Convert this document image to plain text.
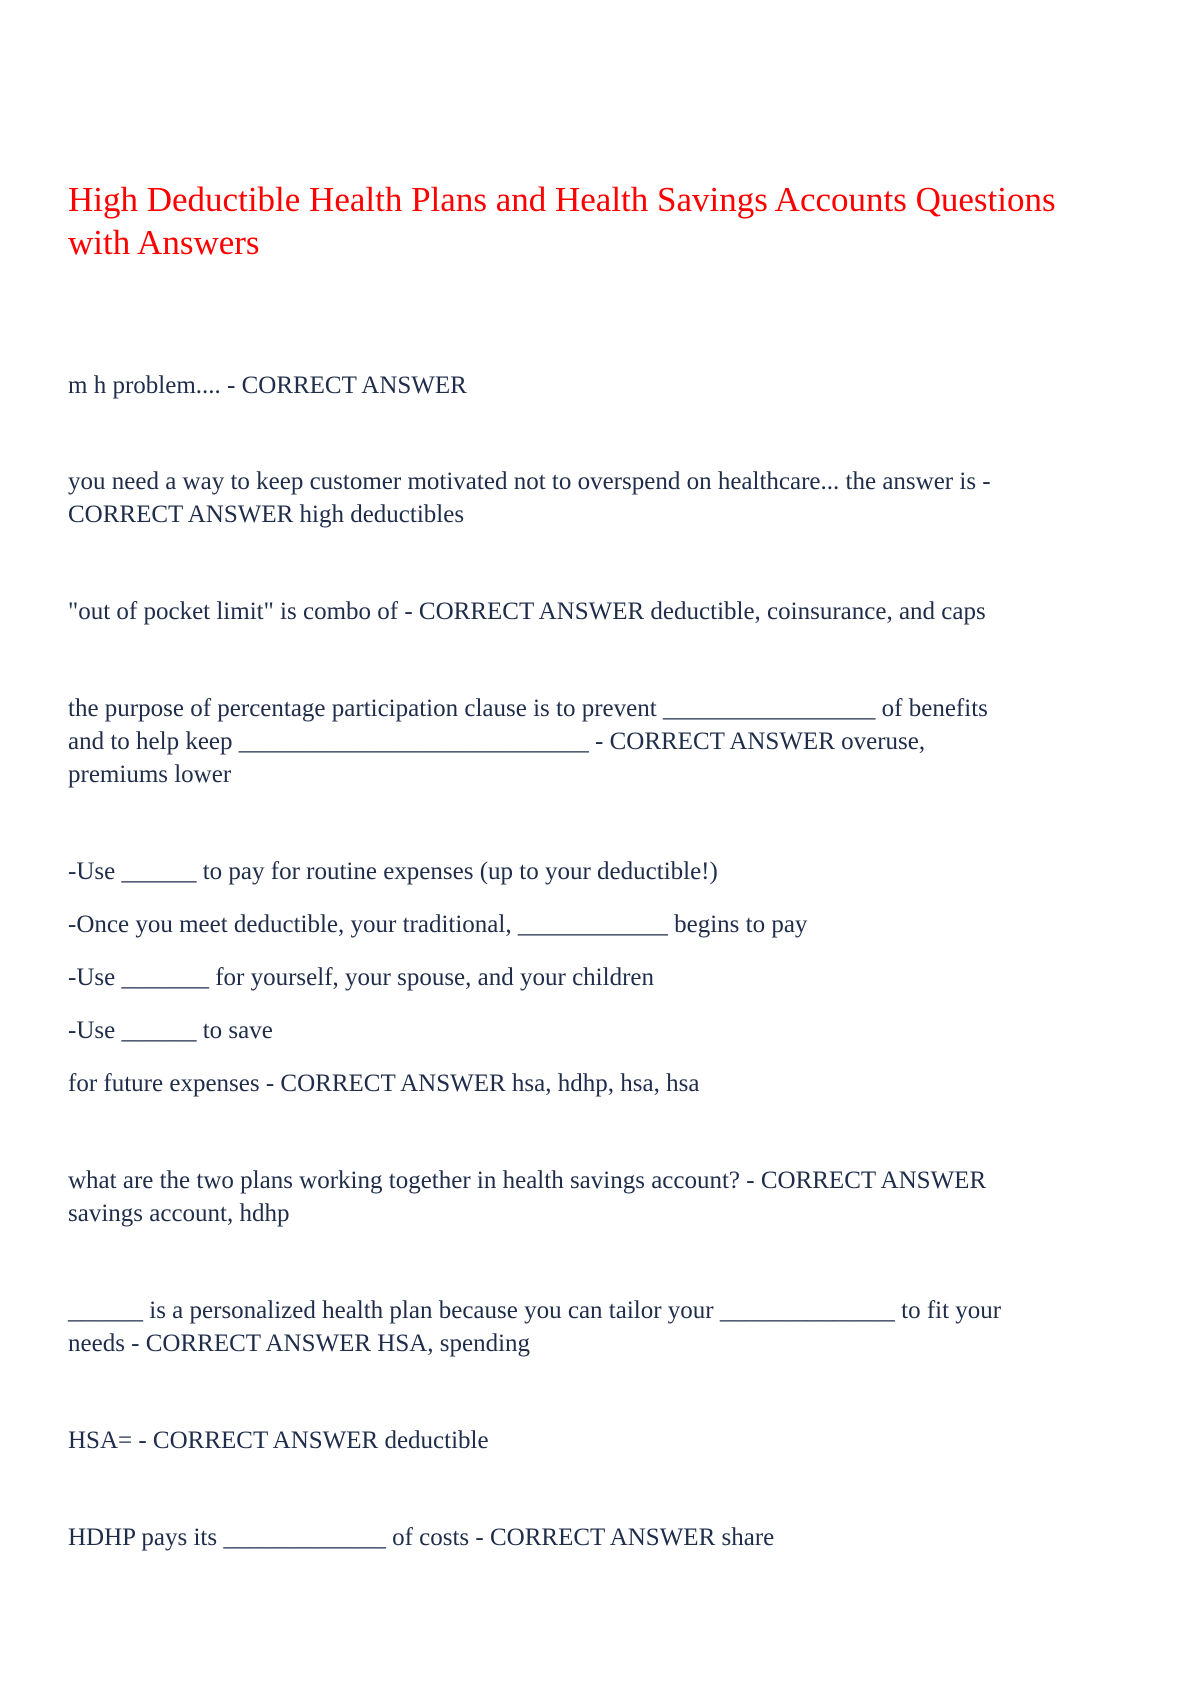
High Deductible Health Plans and Health Savings Accounts Questions
with Answers

m h problem.... - CORRECT ANSWER

you need a way to keep customer motivated not to overspend on healthcare... the answer is -

CORRECT ANSWER high deductibles

"out of pocket limit" is combo of - CORRECT ANSWER deductible, coinsurance, and caps

the purpose of percentage participation clause is to prevent _________________ of benefits

and to help keep ____________________________ - CORRECT ANSWER overuse,

premiums lower

-Use ______ to pay for routine expenses (up to your deductible!)

-Once you meet deductible, your traditional, ____________ begins to pay

-Use _______ for yourself, your spouse, and your children

-Use ______ to save

for future expenses - CORRECT ANSWER hsa, hdhp, hsa, hsa

what are the two plans working together in health savings account? - CORRECT ANSWER

savings account, hdhp

______ is a personalized health plan because you can tailor your ______________ to fit your

needs - CORRECT ANSWER HSA, spending

HSA= - CORRECT ANSWER deductible

HDHP pays its _____________ of costs - CORRECT ANSWER share
